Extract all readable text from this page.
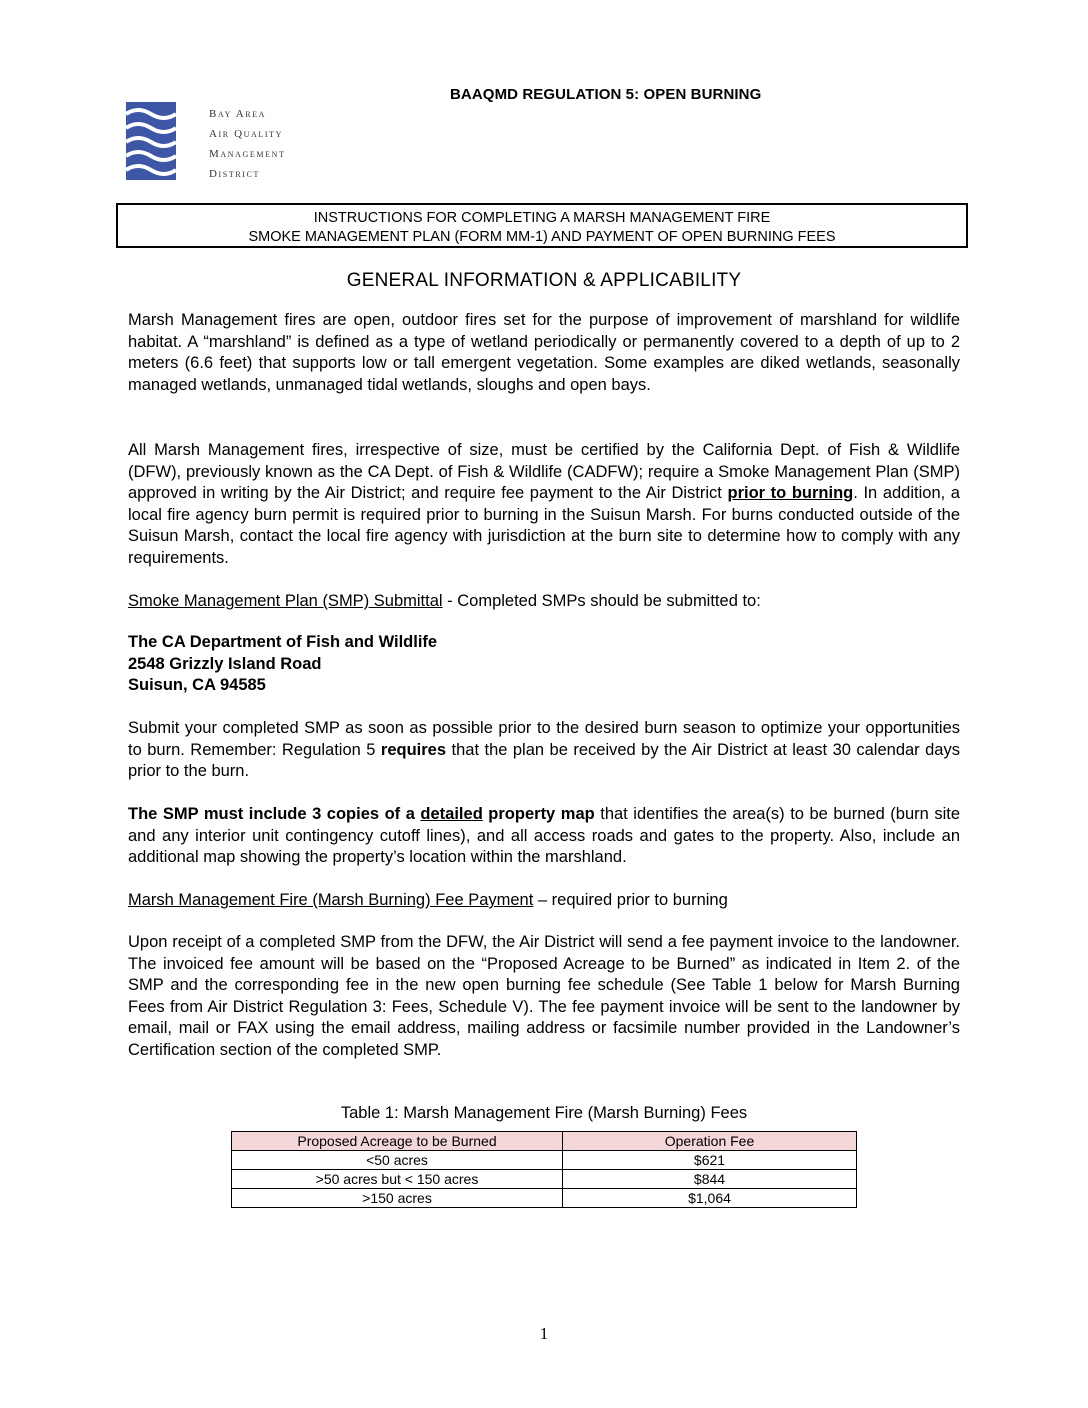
BAAQMD REGULATION 5: OPEN BURNING
Bay Area
Air Quality
Management
District
INSTRUCTIONS FOR COMPLETING A MARSH MANAGEMENT FIRE
SMOKE MANAGEMENT PLAN (FORM MM-1) AND PAYMENT OF OPEN BURNING FEES
GENERAL INFORMATION & APPLICABILITY
Marsh Management fires are open, outdoor fires set for the purpose of improvement of marshland for wildlife habitat. A “marshland” is defined as a type of wetland periodically or permanently covered to a depth of up to 2 meters (6.6 feet) that supports low or tall emergent vegetation. Some examples are diked wetlands, seasonally managed wetlands, unmanaged tidal wetlands, sloughs and open bays.
All Marsh Management fires, irrespective of size, must be certified by the California Dept. of Fish & Wildlife (DFW), previously known as the CA Dept. of Fish & Wildlife (CADFW); require a Smoke Management Plan (SMP) approved in writing by the Air District; and require fee payment to the Air District prior to burning. In addition, a local fire agency burn permit is required prior to burning in the Suisun Marsh. For burns conducted outside of the Suisun Marsh, contact the local fire agency with jurisdiction at the burn site to determine how to comply with any requirements.
Smoke Management Plan (SMP) Submittal - Completed SMPs should be submitted to:
The CA Department of Fish and Wildlife
2548 Grizzly Island Road
Suisun, CA 94585
Submit your completed SMP as soon as possible prior to the desired burn season to optimize your opportunities to burn. Remember: Regulation 5 requires that the plan be received by the Air District at least 30 calendar days prior to the burn.
The SMP must include 3 copies of a detailed property map that identifies the area(s) to be burned (burn site and any interior unit contingency cutoff lines), and all access roads and gates to the property. Also, include an additional map showing the property’s location within the marshland.
Marsh Management Fire (Marsh Burning) Fee Payment – required prior to burning
Upon receipt of a completed SMP from the DFW, the Air District will send a fee payment invoice to the landowner. The invoiced fee amount will be based on the “Proposed Acreage to be Burned” as indicated in Item 2. of the SMP and the corresponding fee in the new open burning fee schedule (See Table 1 below for Marsh Burning Fees from Air District Regulation 3: Fees, Schedule V). The fee payment invoice will be sent to the landowner by email, mail or FAX using the email address, mailing address or facsimile number provided in the Landowner’s Certification section of the completed SMP.
Table 1: Marsh Management Fire (Marsh Burning) Fees
Proposed Acreage to be Burned	Operation Fee
<50 acres	$621
>50 acres but < 150 acres	$844
>150 acres	$1,064
1
